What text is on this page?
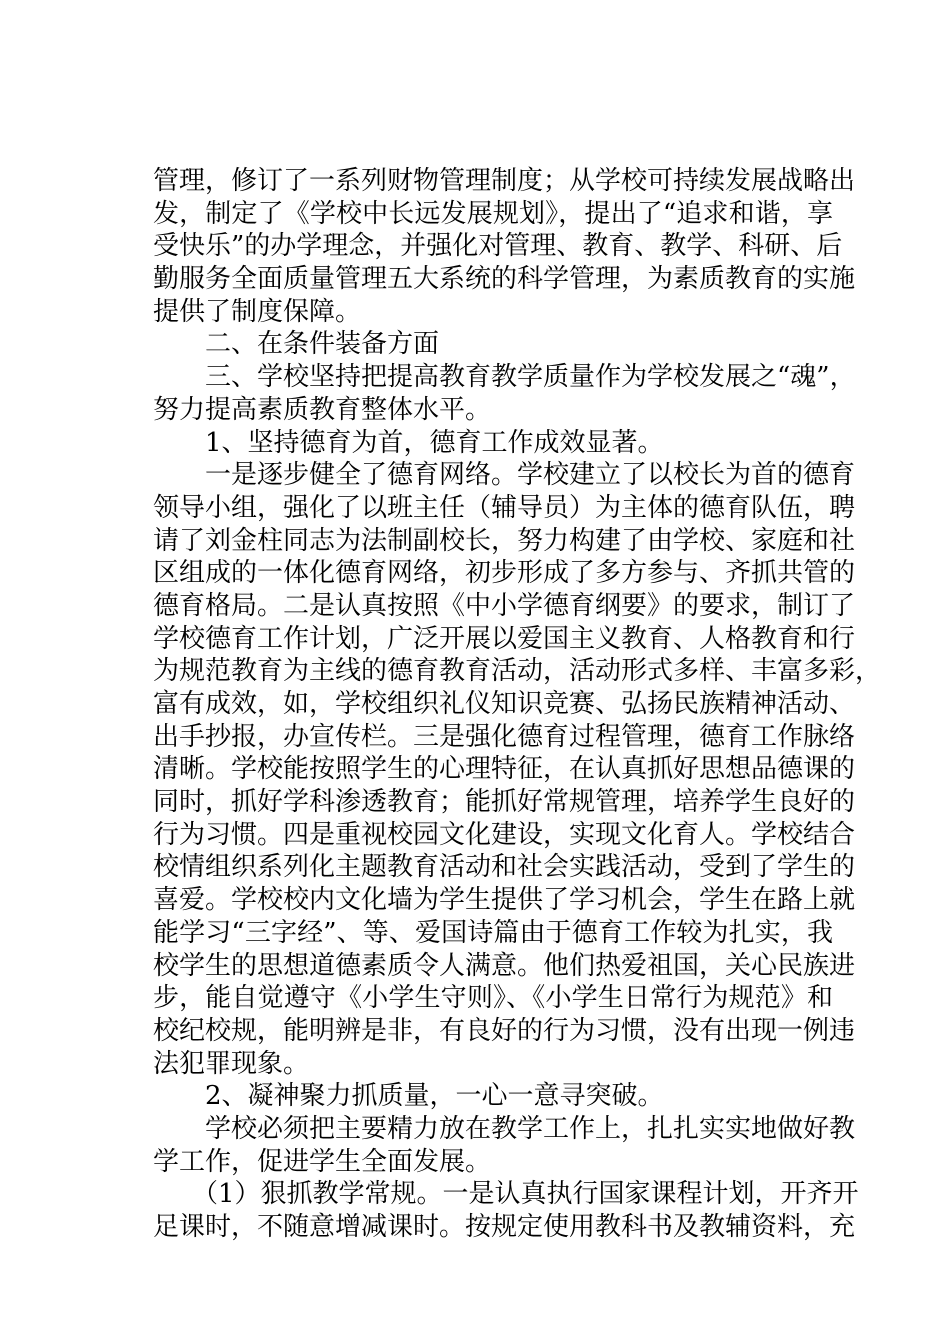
管理，修订了一系列财物管理制度；从学校可持续发展战略出
发，制定了《学校中长远发展规划》，提出了“追求和谐，享
受快乐”的办学理念，并强化对管理、教育、教学、科研、后
勤服务全面质量管理五大系统的科学管理，为素质教育的实施
提供了制度保障。
　　二、在条件装备方面
　　三、学校坚持把提高教育教学质量作为学校发展之“魂”，
努力提高素质教育整体水平。
　　1、坚持德育为首，德育工作成效显著。
　　一是逐步健全了德育网络。学校建立了以校长为首的德育
领导小组，强化了以班主任（辅导员）为主体的德育队伍，聘
请了刘金柱同志为法制副校长，努力构建了由学校、家庭和社
区组成的一体化德育网络，初步形成了多方参与、齐抓共管的
德育格局。二是认真按照《中小学德育纲要》的要求，制订了
学校德育工作计划，广泛开展以爱国主义教育、人格教育和行
为规范教育为主线的德育教育活动，活动形式多样、丰富多彩，
富有成效，如，学校组织礼仪知识竞赛、弘扬民族精神活动、
出手抄报，办宣传栏。三是强化德育过程管理，德育工作脉络
清晰。学校能按照学生的心理特征，在认真抓好思想品德课的
同时，抓好学科渗透教育；能抓好常规管理，培养学生良好的
行为习惯。四是重视校园文化建设，实现文化育人。学校结合
校情组织系列化主题教育活动和社会实践活动，受到了学生的
喜爱。学校校内文化墙为学生提供了学习机会，学生在路上就
能学习“三字经”、等、爱国诗篇由于德育工作较为扎实，我
校学生的思想道德素质令人满意。他们热爱祖国，关心民族进
步，能自觉遵守《小学生守则》、《小学生日常行为规范》和
校纪校规，能明辨是非，有良好的行为习惯，没有出现一例违
法犯罪现象。
　　2、凝神聚力抓质量，一心一意寻突破。
　　学校必须把主要精力放在教学工作上，扎扎实实地做好教
学工作，促进学生全面发展。
　　（1）狠抓教学常规。一是认真执行国家课程计划，开齐开
足课时，不随意增减课时。按规定使用教科书及教辅资料，充
